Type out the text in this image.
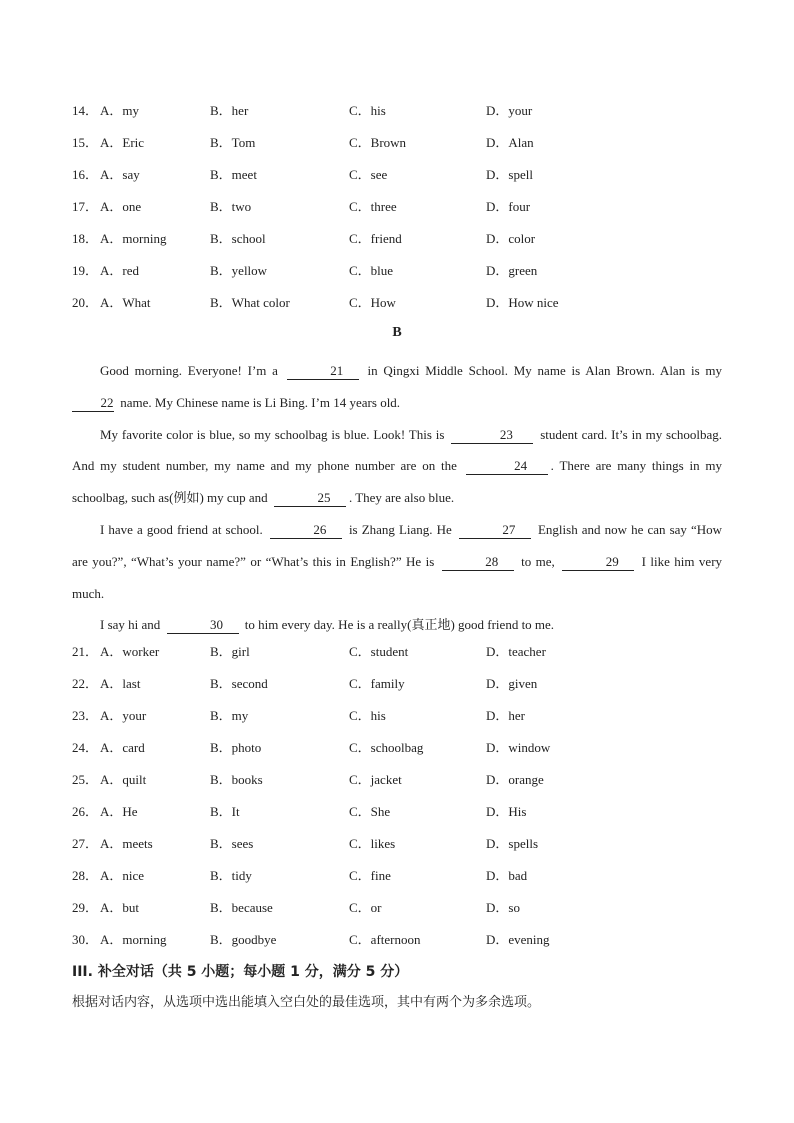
14． A．my	B．her	C．his	D．your
15． A．Eric	B．Tom	C．Brown	D．Alan
16． A．say	B．meet	C．see	D．spell
17． A．one	B．two	C．three	D．four
18． A．morning	B．school	C．friend	D．color
19． A．red	B．yellow	C．blue	D．green
20． A．What	B．What color	C．How	D．How nice
B

Good morning. Everyone! I’m a	21 in Qingxi Middle School. My name is Alan Brown. Alan is my 22 name. My Chinese name is Li Bing. I’m 14 years old.

My favorite color is blue, so my schoolbag is blue. Look! This is	23 student card. It’s in my schoolbag. And my student number, my name and my phone number are on the	24 . There are many things in my schoolbag, such as(例如) my cup and	25 . They are also blue.

I have a good friend at school.	26 is Zhang Liang. He	27 English and now he can say “How are you?”, “What’s your name?” or “What’s this in English?” He is	28 to me,	29 I like him very much.

I say hi and	30 to him every day. He is a really(真正地) good friend to me.

21． A．worker	B．girl	C．student	D．teacher
22． A．last	B．second	C．family	D．given
23． A．your	B．my	C．his	D．her
24． A．card	B．photo	C．schoolbag	D．window
25． A．quilt	B．books	C．jacket	D．orange
26． A．He	B．It	C．She	D．His
27． A．meets	B．sees	C．likes	D．spells
28． A．nice	B．tidy	C．fine	D．bad
29． A．but	B．because	C．or	D．so
30． A．morning	B．goodbye	C．afternoon	D．evening
III. 补全对话（共 5 小题；每小题 1 分，满分 5 分）
根据对话内容，从选项中选出能填入空白处的最佳选项，其中有两个为多余选项。
